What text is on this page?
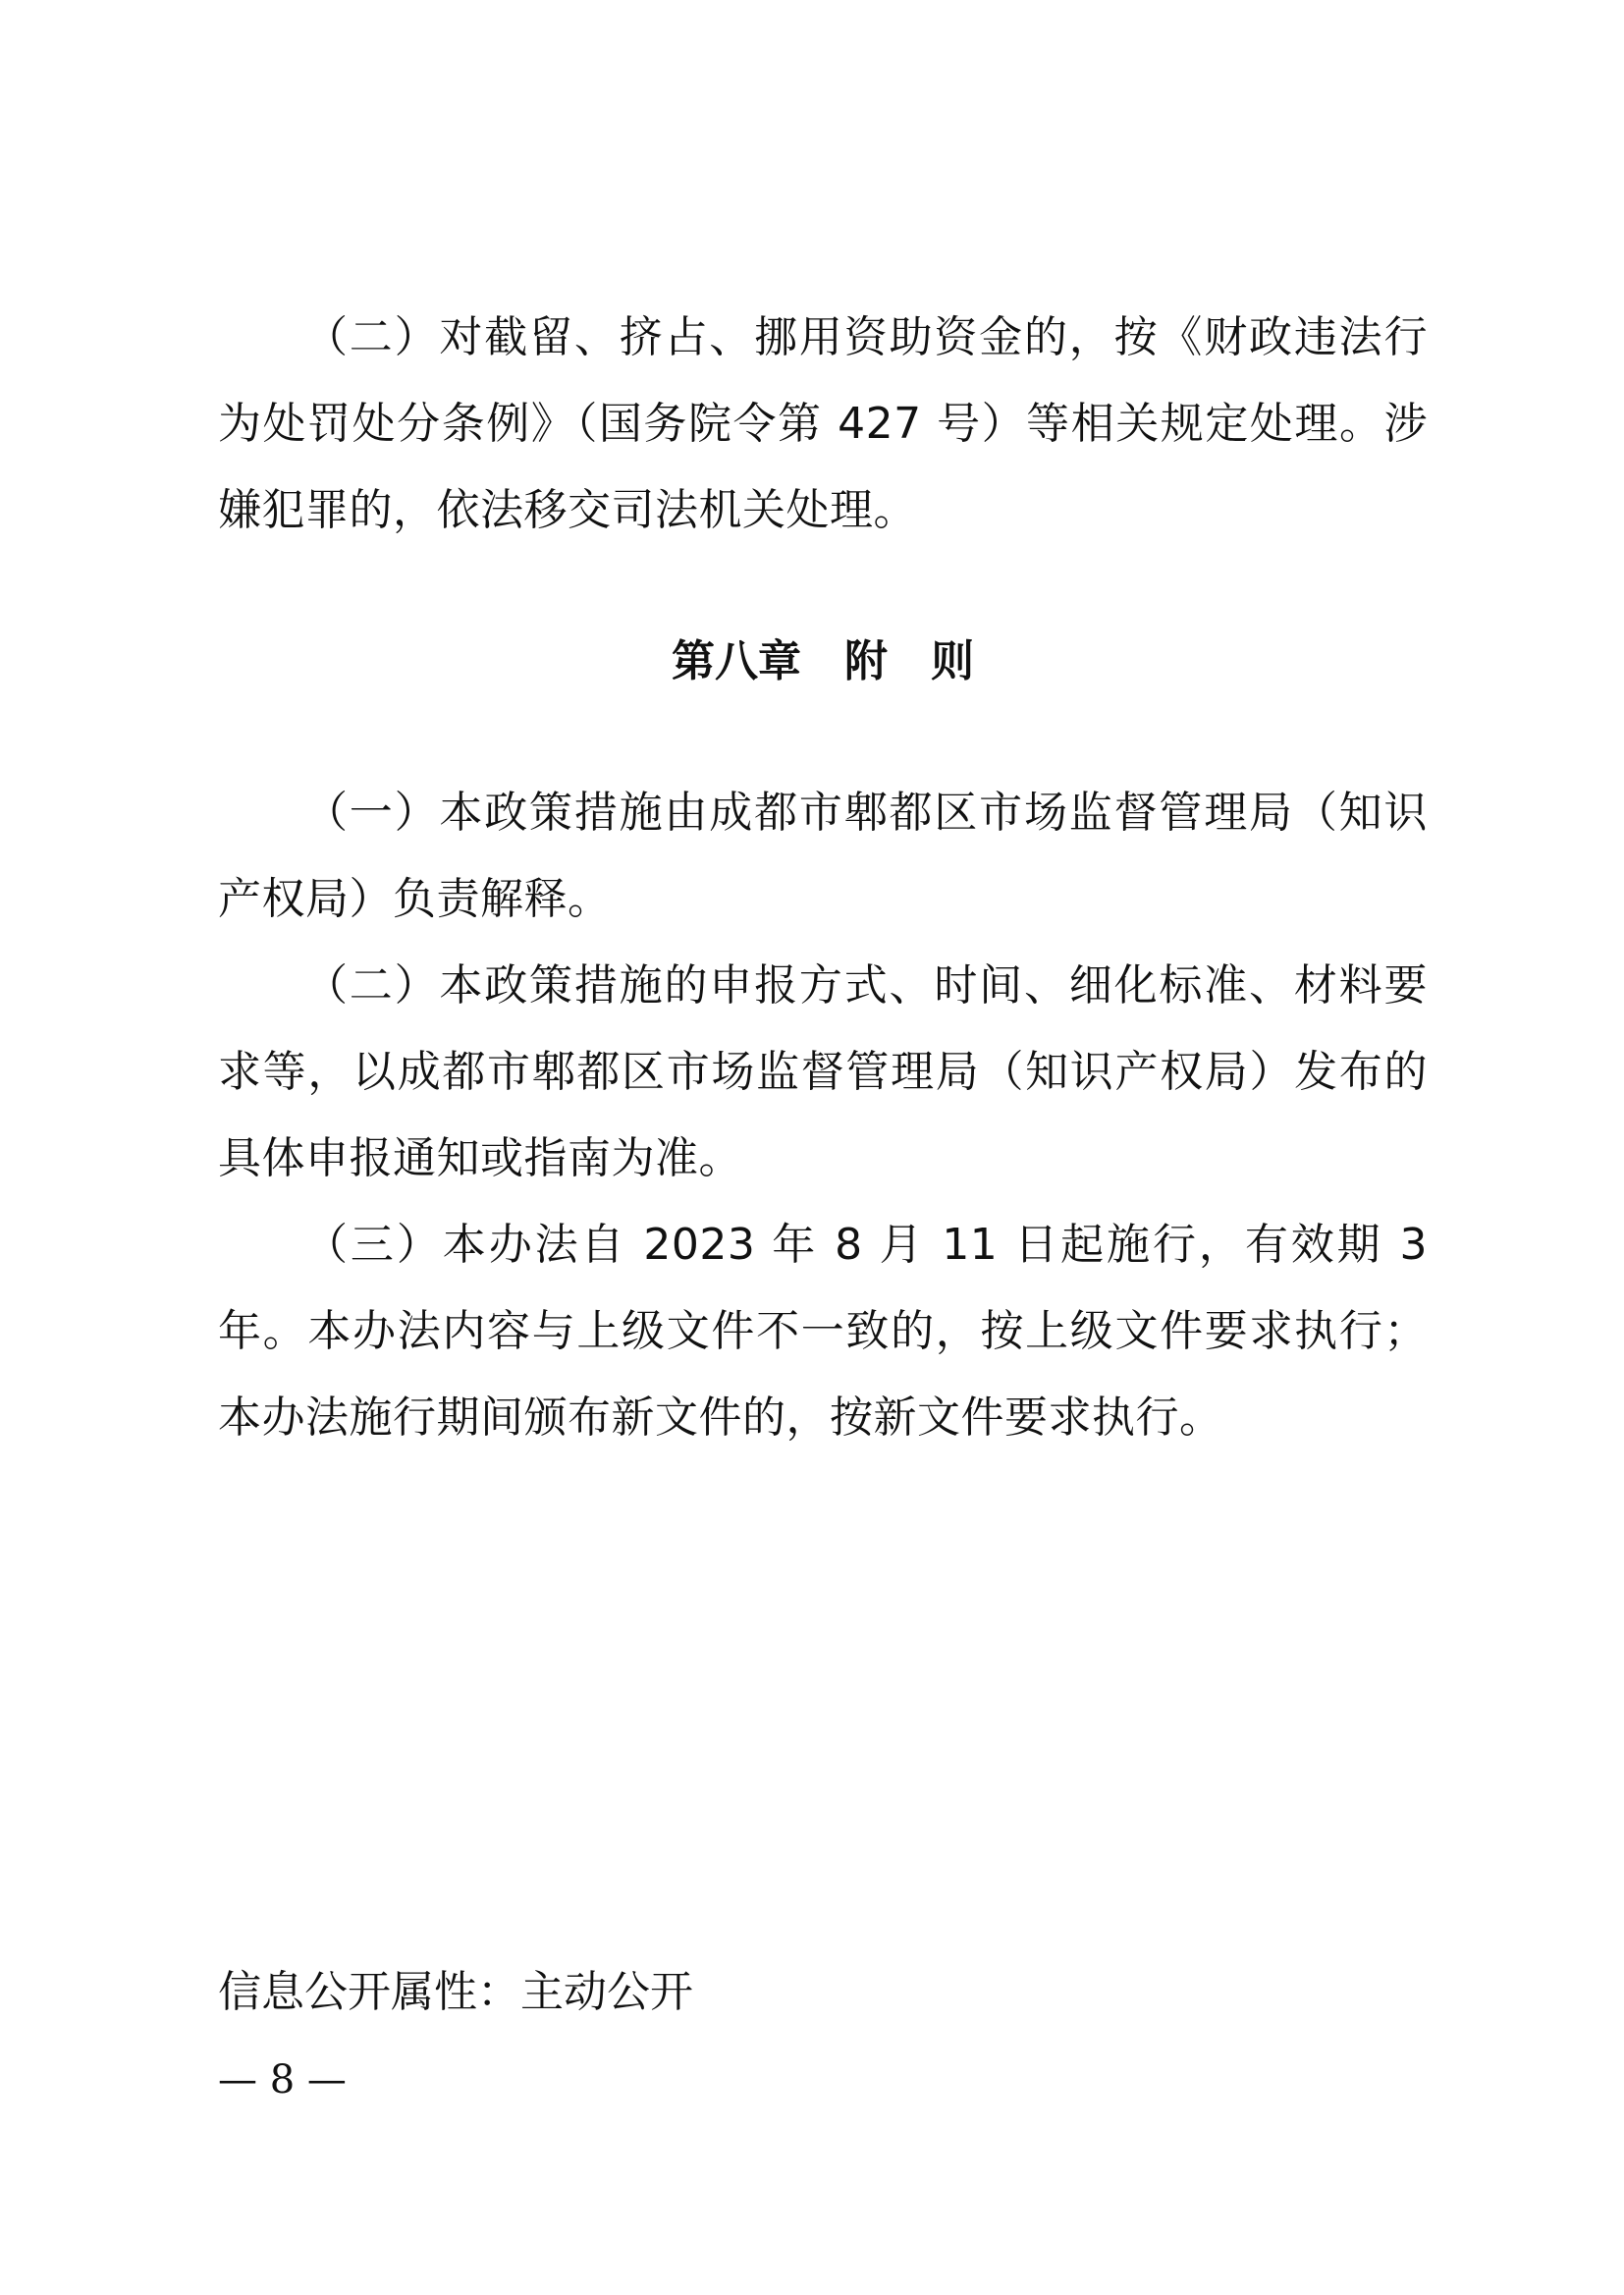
（二）对截留、挤占、挪用资助资金的，按《财政违法行为处罚处分条例》（国务院令第 427 号）等相关规定处理。涉嫌犯罪的，依法移交司法机关处理。

第八章　附　则

（一）本政策措施由成都市郫都区市场监督管理局（知识产权局）负责解释。

（二）本政策措施的申报方式、时间、细化标准、材料要求等，以成都市郫都区市场监督管理局（知识产权局）发布的具体申报通知或指南为准。

（三）本办法自 2023 年 8 月 11 日起施行，有效期 3 年。本办法内容与上级文件不一致的，按上级文件要求执行；本办法施行期间颁布新文件的，按新文件要求执行。

信息公开属性：主动公开

— 8 —
